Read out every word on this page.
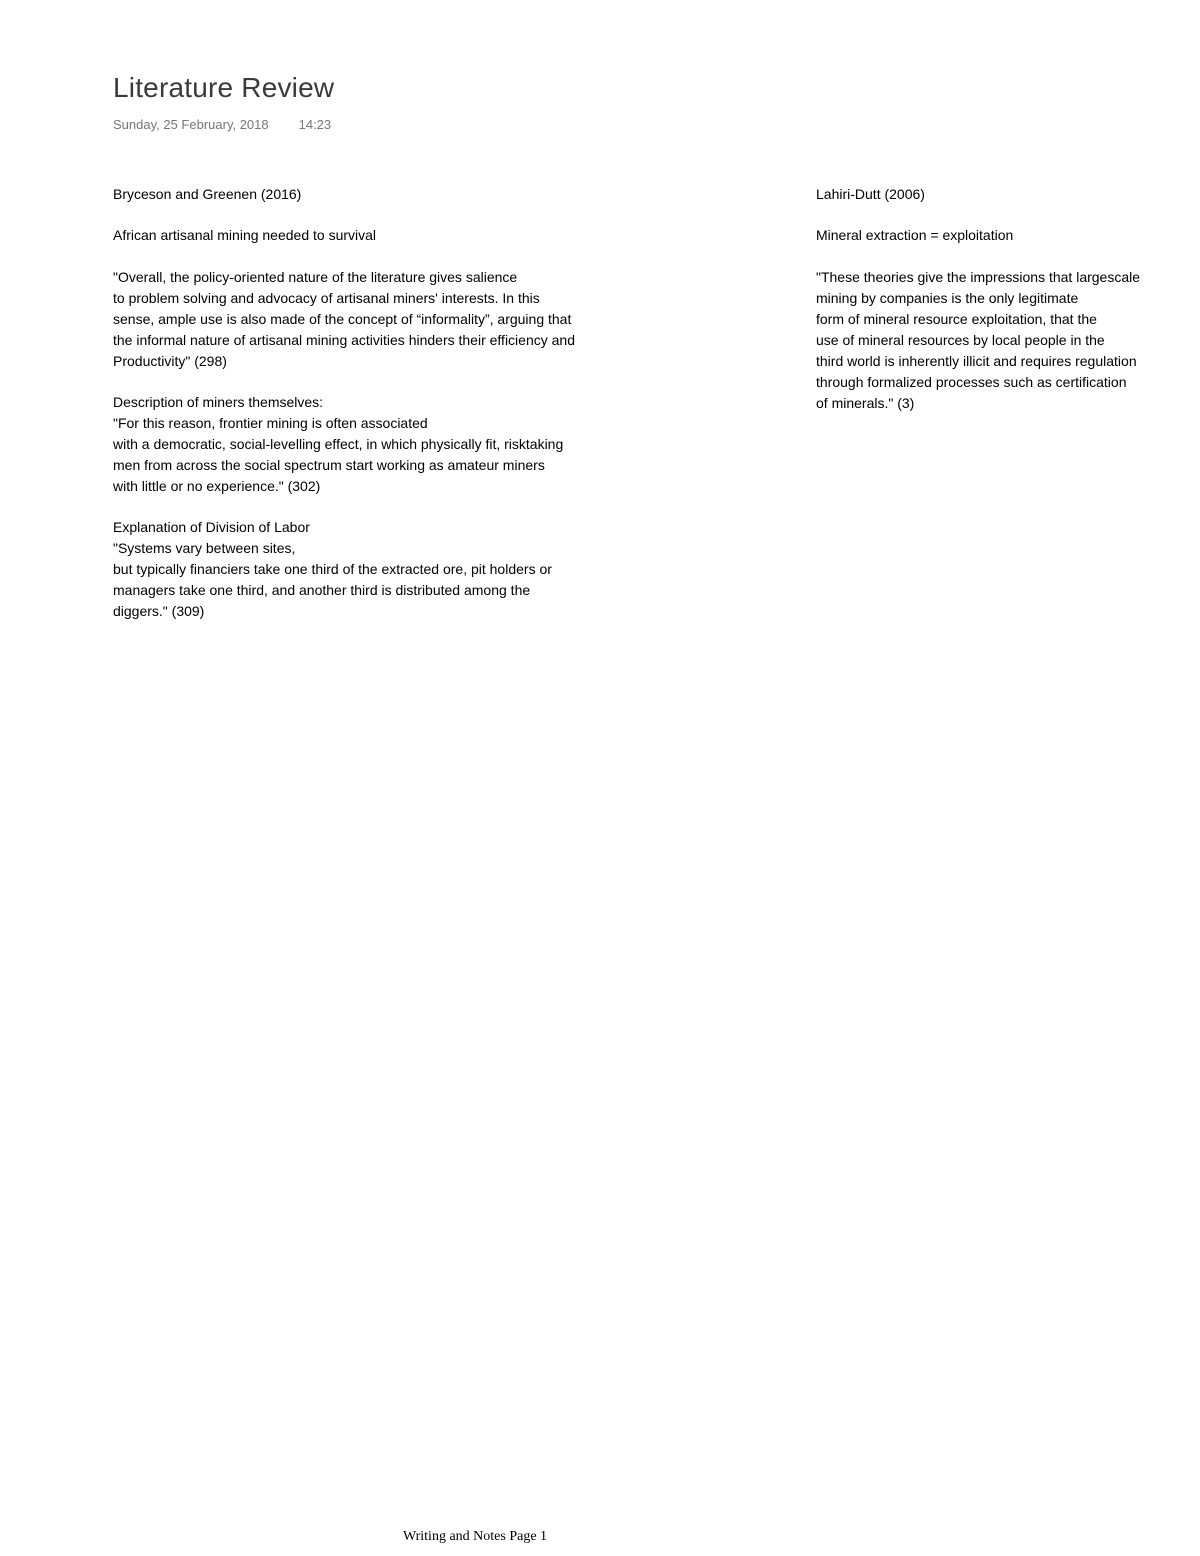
Literature Review
Sunday, 25 February, 2018 14:23
Bryceson and Greenen (2016)
African artisanal mining needed to survival
"Overall, the policy-oriented nature of the literature gives salience
to problem solving and advocacy of artisanal miners' interests. In this
sense, ample use is also made of the concept of “informality”, arguing that
the informal nature of artisanal mining activities hinders their efficiency and
Productivity" (298)
Description of miners themselves:
"For this reason, frontier mining is often associated
with a democratic, social-levelling effect, in which physically fit, risktaking
men from across the social spectrum start working as amateur miners
with little or no experience." (302)
Explanation of Division of Labor
"Systems vary between sites,
but typically financiers take one third of the extracted ore, pit holders or
managers take one third, and another third is distributed among the
diggers." (309)
Lahiri-Dutt (2006)
Mineral extraction = exploitation
"These theories give the impressions that largescale
mining by companies is the only legitimate
form of mineral resource exploitation, that the
use of mineral resources by local people in the
third world is inherently illicit and requires regulation
through formalized processes such as certification
of minerals." (3)
Writing and Notes Page 1
